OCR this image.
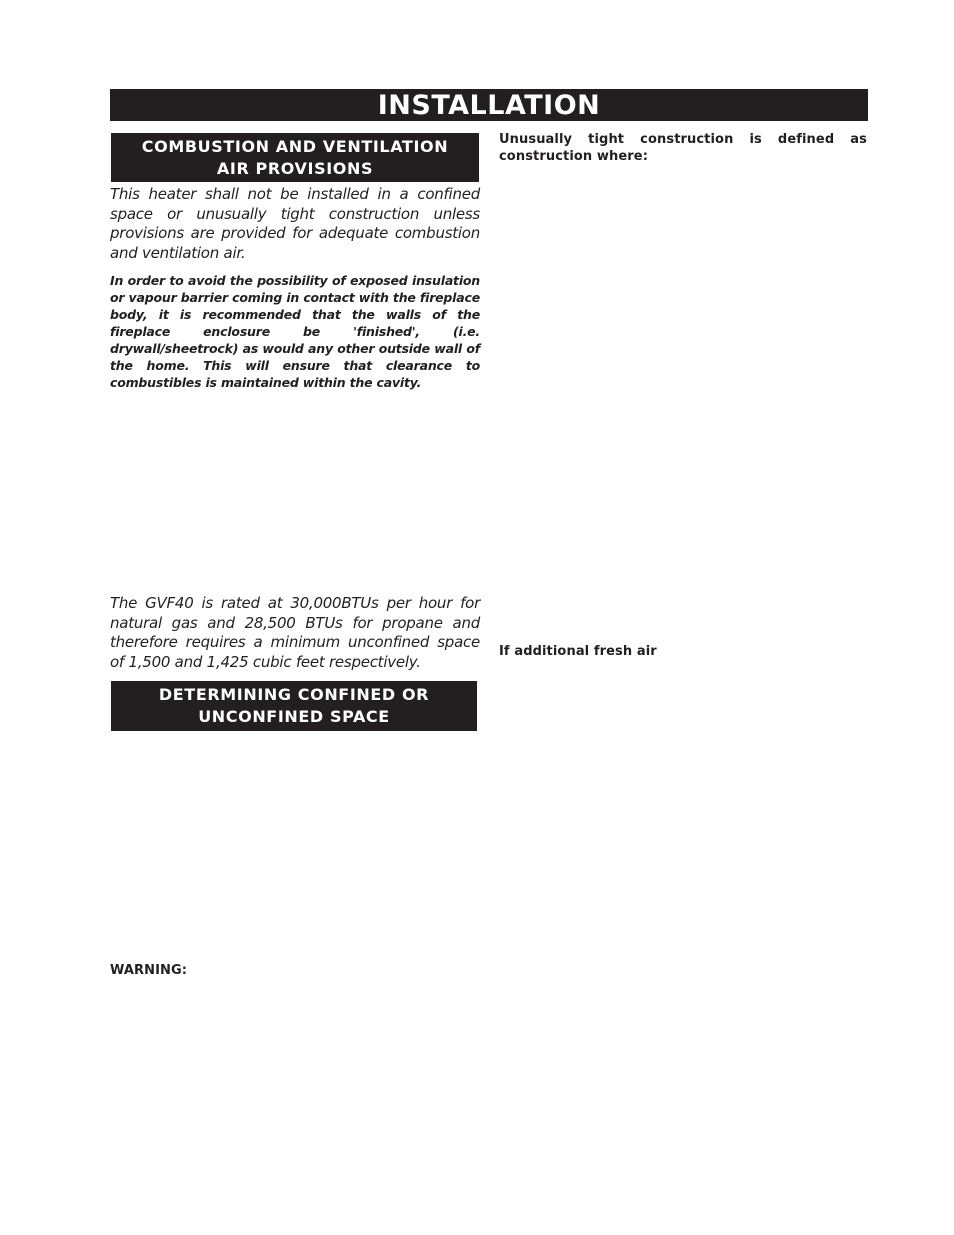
INSTALLATION
COMBUSTION AND VENTILATION
AIR PROVISIONS

This heater shall not be installed in a confined space or unusually tight construction unless provisions are provided for adequate combustion and ventilation air.

In order to avoid the possibility of exposed insulation or vapour barrier coming in contact with the fireplace body, it is recommended that the walls of the fireplace enclosure be 'finished', (i.e. drywall/sheetrock) as would any other outside wall of the home. This will ensure that clearance to combustibles is maintained within the cavity.

The GVF40 is rated at 30,000BTUs per hour for natural gas and 28,500 BTUs for propane and therefore requires a minimum unconfined space of 1,500 and 1,425 cubic feet respectively.

DETERMINING CONFINED OR
UNCONFINED SPACE

WARNING:

Unusually tight construction is defined as construction where:

If additional fresh air
